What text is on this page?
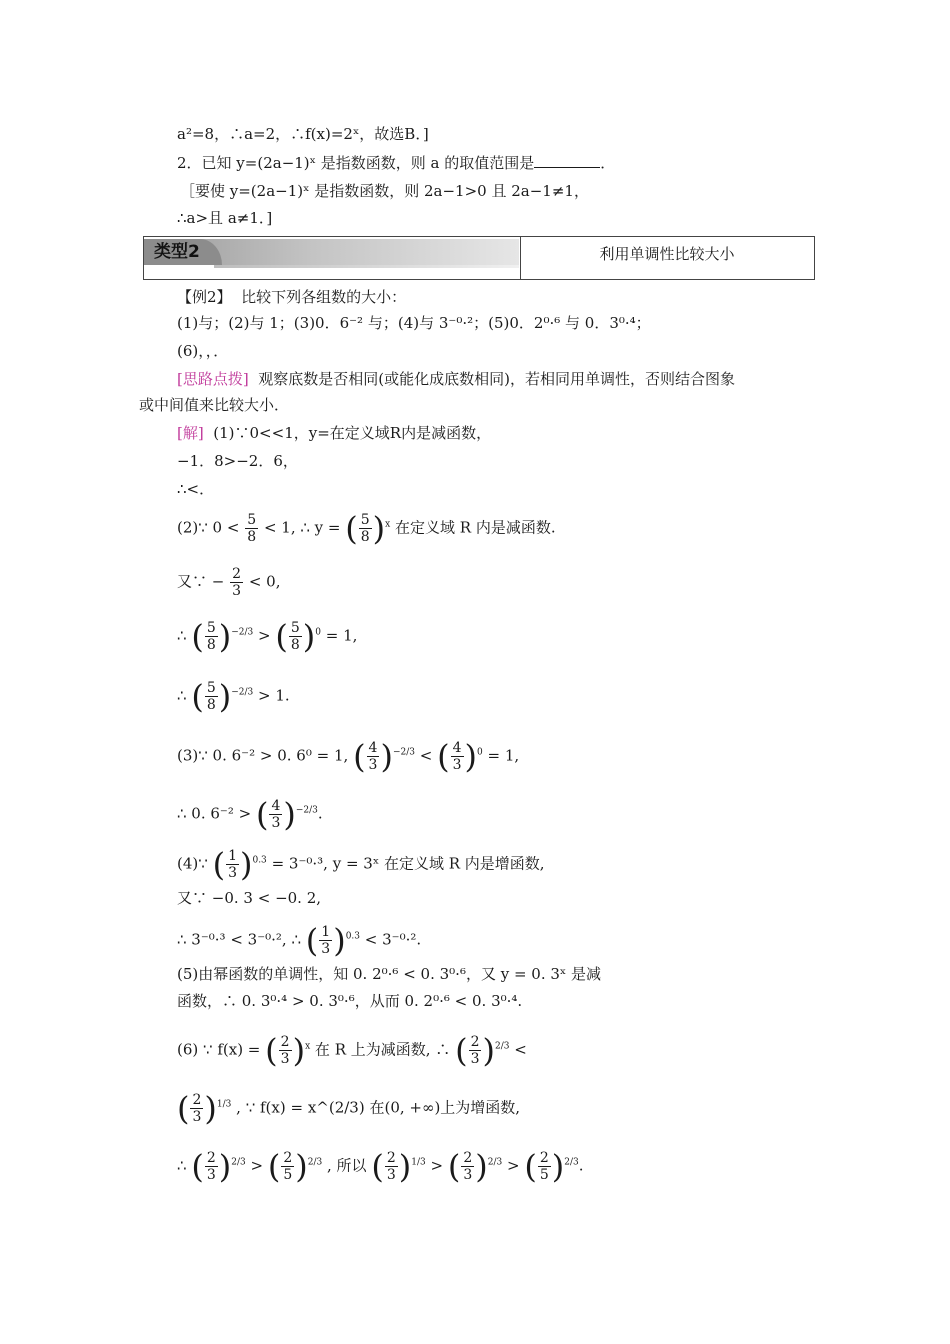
a²=8，∴a=2，∴f(x)=2ˣ，故选B．]
2．已知 y=(2a−1)ˣ 是指数函数，则 a 的取值范围是	．
［要使 y=(2a−1)ˣ 是指数函数，则 2a−1>0 且 2a−1≠1，
∴a>且 a≠1．]
类型2	利用单调性比较大小
【例2】 比较下列各组数的大小：
(1)与；(2)与 1；(3)0．6⁻² 与；(4)与 3⁻⁰·²；(5)0．2⁰·⁶ 与 0．3⁰·⁴；
(6)，，．
[思路点拨] 观察底数是否相同(或能化成底数相同)，若相同用单调性，否则结合图象
或中间值来比较大小．
[解] (1)∵0<<1，y=在定义域R内是减函数，
−1．8>−2．6，
∴<．
(2)∵ $0 < \frac{5}{8} < 1$, ∴ y = ( $\frac{5}{8} )^x$ 在定义域 R 内是减函数.
又∵ − $\frac{2}{3} < 0$,
∴ ( $\frac{5}{8} )^{-2/3}$ > ( $\frac{5}{8} )^0 = 1$,
∴ ( $\frac{5}{8} )^{-2/3} > 1$.
(3)∵ 0. 6⁻² > 0. 6⁰ = 1, ( $\frac{4}{3} )^{-2/3}$ < ( $\frac{4}{3} )^0 = 1$,
∴ 0. 6⁻² > ( $\frac{4}{3} )^{-2/3}$.
(4)∵ ( $\frac{1}{3} )^{0.3} = 3^{-0}\cdot^3$, y = 3ˣ 在定义域 R 内是增函数,
又∵ −0. 3 < −0. 2,
∴ 3⁻⁰·³ < 3⁻⁰·², ∴ ( $\frac{1}{3} )^{0.3} < 3^{-0}\cdot^2$.
(5)由幂函数的单调性，知 0. 2⁰·⁶ < 0. 3⁰·⁶，又 y = 0. 3ˣ 是减
函数，∴ 0. 3⁰·⁴ > 0. 3⁰·⁶，从而 0. 2⁰·⁶ < 0. 3⁰·⁴.
(6) ∵ f(x) = ( $\frac{2}{3} )^x$ 在 R 上为减函数, ∴ ( $\frac{2}{3} )^{2/3}$ <
( $\frac{2}{3} )^{1/3}$ , ∵ f(x) = x^(2/3) 在(0, +∞)上为增函数,
∴ ( $\frac{2}{3} )^{2/3}$ > ( $\frac{2}{5} )^{2/3}$ , 所以 ( $\frac{2}{3} )^{1/3}$ > ( $\frac{2}{3} )^{2/3}$ > ( $\frac{2}{5} )^{2/3}$.
